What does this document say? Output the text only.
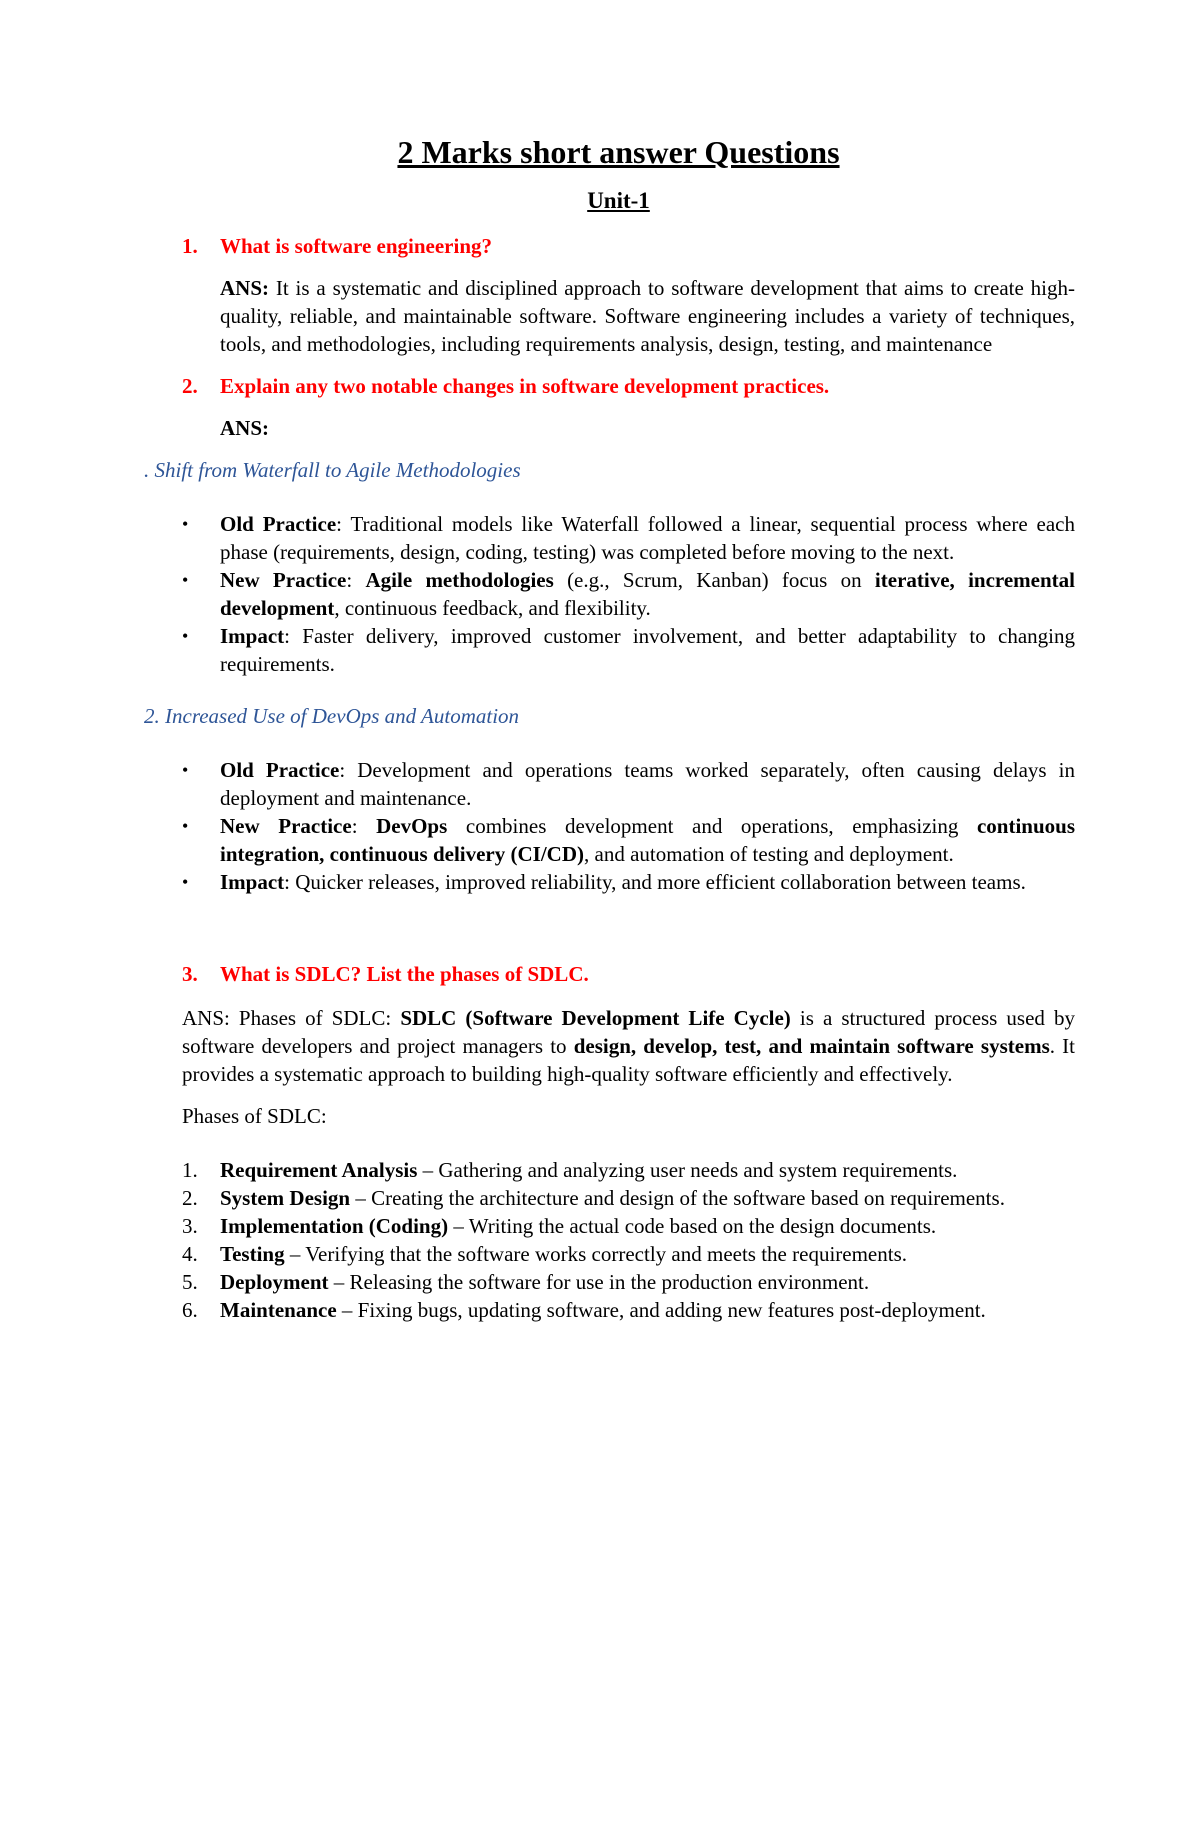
2 Marks short answer Questions
Unit-1
1.	What is software engineering?

ANS: It is a systematic and disciplined approach to software development that aims to create high-quality, reliable, and maintainable software. Software engineering includes a variety of techniques, tools, and methodologies, including requirements analysis, design, testing, and maintenance

2.	Explain any two notable changes in software development practices.

ANS:

. Shift from Waterfall to Agile Methodologies

• Old Practice: Traditional models like Waterfall followed a linear, sequential process where each phase (requirements, design, coding, testing) was completed before moving to the next.
• New Practice: Agile methodologies (e.g., Scrum, Kanban) focus on iterative, incremental development, continuous feedback, and flexibility.
• Impact: Faster delivery, improved customer involvement, and better adaptability to changing requirements.

2. Increased Use of DevOps and Automation

• Old Practice: Development and operations teams worked separately, often causing delays in deployment and maintenance.
• New Practice: DevOps combines development and operations, emphasizing continuous integration, continuous delivery (CI/CD), and automation of testing and deployment.
• Impact: Quicker releases, improved reliability, and more efficient collaboration between teams.
3.	What is SDLC? List the phases of SDLC.

ANS: Phases of SDLC: SDLC (Software Development Life Cycle) is a structured process used by software developers and project managers to design, develop, test, and maintain software systems. It provides a systematic approach to building high-quality software efficiently and effectively.

Phases of SDLC:

1. Requirement Analysis – Gathering and analyzing user needs and system requirements.
2. System Design – Creating the architecture and design of the software based on requirements.
3. Implementation (Coding) – Writing the actual code based on the design documents.
4. Testing – Verifying that the software works correctly and meets the requirements.
5. Deployment – Releasing the software for use in the production environment.
6. Maintenance – Fixing bugs, updating software, and adding new features post-deployment.
